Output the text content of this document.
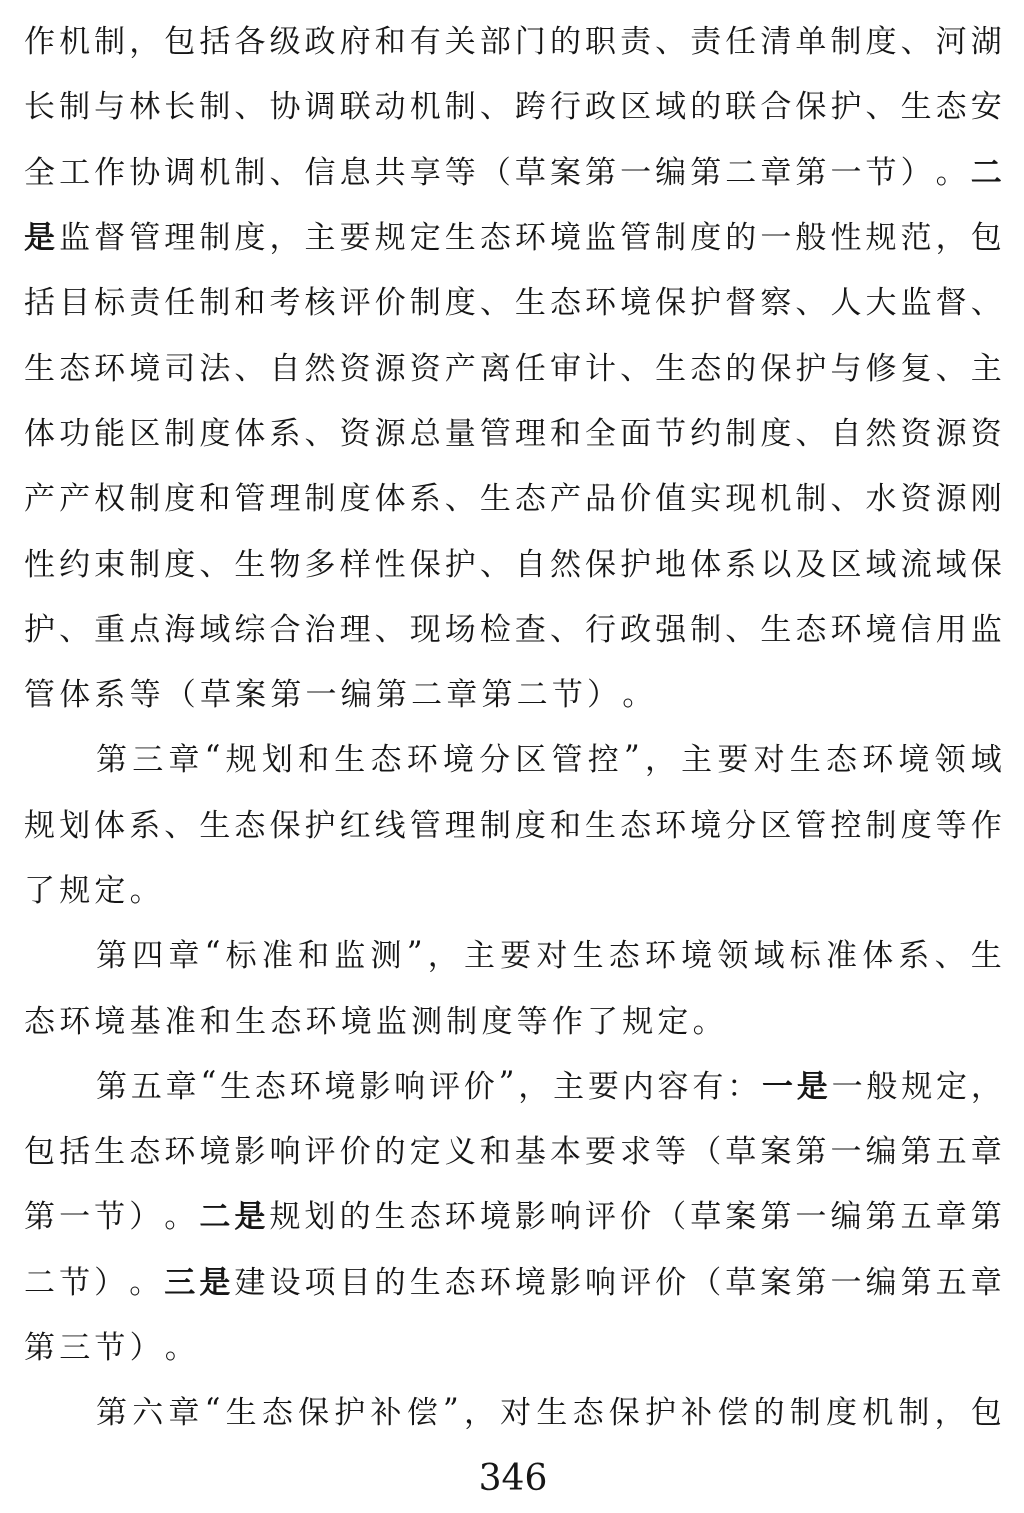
作 机 制 ， 包 括 各 级 政 府 和 有 关 部 门 的 职 责 、 责 任 清 单 制 度 、 河 湖
长 制 与 林 长 制 、 协 调 联 动 机 制 、 跨 行 政 区 域 的 联 合 保 护 、 生 态 安
全 工 作 协 调 机 制 、 信 息 共 享 等 （ 草 案 第 一 编 第 二 章 第 一 节 ） 。 二
是 监 督 管 理 制 度 ， 主 要 规 定 生 态 环 境 监 管 制 度 的 一 般 性 规 范 ， 包
括 目 标 责 任 制 和 考 核 评 价 制 度 、 生 态 环 境 保 护 督 察 、 人 大 监 督 、
生 态 环 境 司 法 、 自 然 资 源 资 产 离 任 审 计 、 生 态 的 保 护 与 修 复 、 主
体 功 能 区 制 度 体 系 、 资 源 总 量 管 理 和 全 面 节 约 制 度 、 自 然 资 源 资
产 产 权 制 度 和 管 理 制 度 体 系 、 生 态 产 品 价 值 实 现 机 制 、 水 资 源 刚
性 约 束 制 度 、 生 物 多 样 性 保 护 、 自 然 保 护 地 体 系 以 及 区 域 流 域 保
护 、 重 点 海 域 综 合 治 理 、 现 场 检 查 、 行 政 强 制 、 生 态 环 境 信 用 监
管 体 系 等 （ 草 案 第 一 编 第 二 章 第 二 节 ） 。
第 三 章 “ 规 划 和 生 态 环 境 分 区 管 控 ” ， 主 要 对 生 态 环 境 领 域
规 划 体 系 、 生 态 保 护 红 线 管 理 制 度 和 生 态 环 境 分 区 管 控 制 度 等 作
了 规 定 。
第 四 章 “ 标 准 和 监 测 ” ， 主 要 对 生 态 环 境 领 域 标 准 体 系 、 生
态 环 境 基 准 和 生 态 环 境 监 测 制 度 等 作 了 规 定 。
第 五 章 “ 生 态 环 境 影 响 评 价 ” ， 主 要 内 容 有 ： 一 是 一 般 规 定 ，
包 括 生 态 环 境 影 响 评 价 的 定 义 和 基 本 要 求 等 （ 草 案 第 一 编 第 五 章
第 一 节 ） 。 二 是 规 划 的 生 态 环 境 影 响 评 价 （ 草 案 第 一 编 第 五 章 第
二 节 ） 。 三 是 建 设 项 目 的 生 态 环 境 影 响 评 价 （ 草 案 第 一 编 第 五 章
第 三 节 ） 。
第 六 章 “ 生 态 保 护 补 偿 ” ， 对 生 态 保 护 补 偿 的 制 度 机 制 ， 包
346
